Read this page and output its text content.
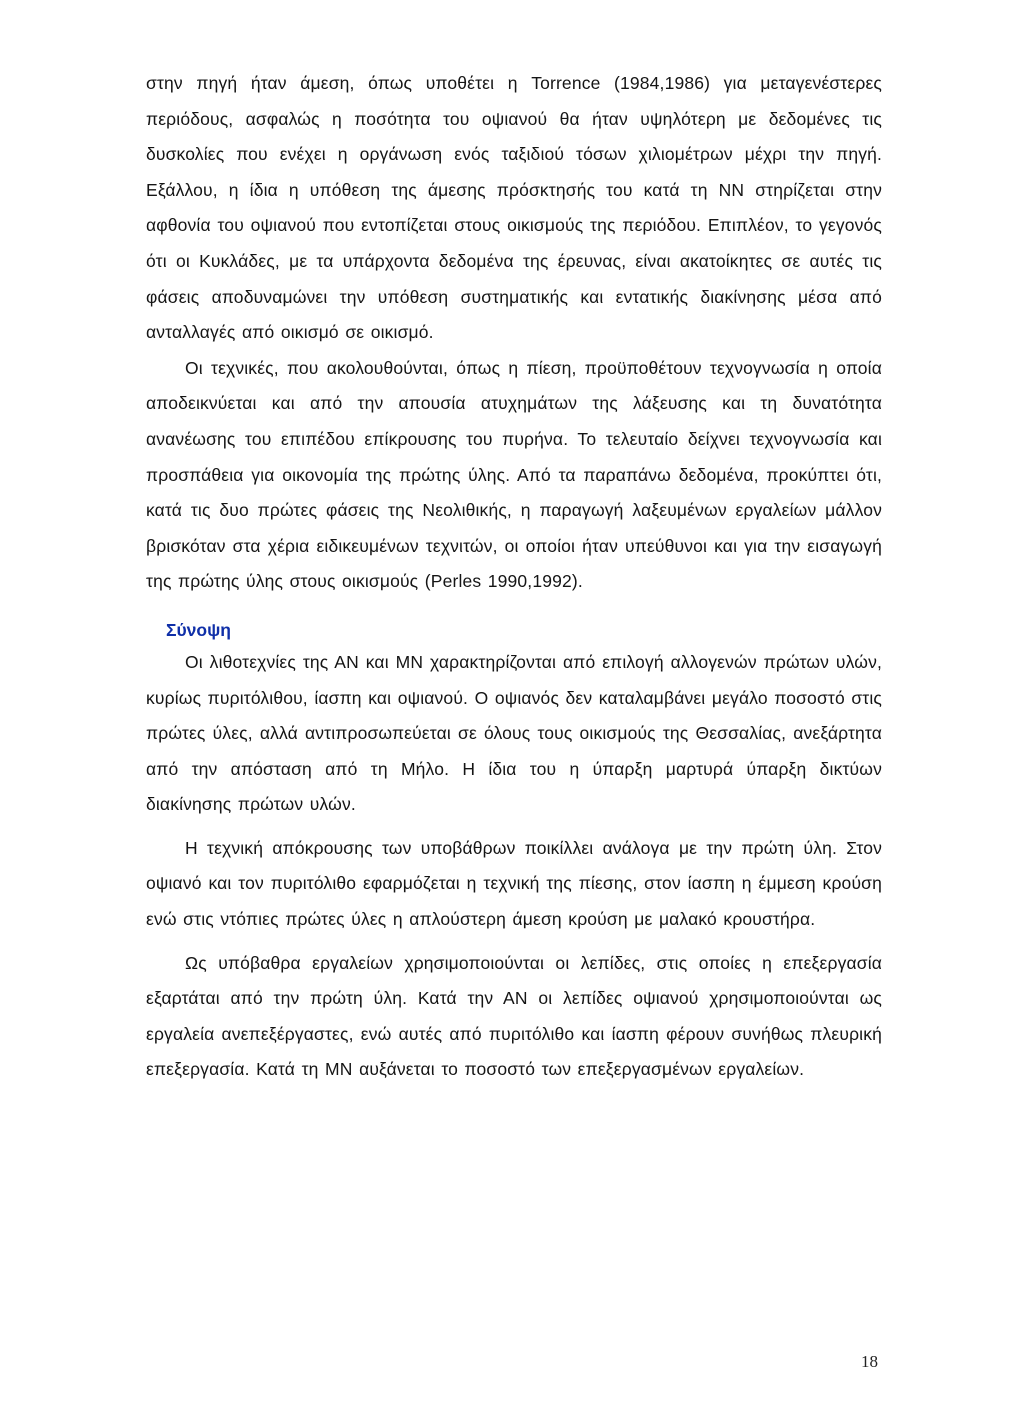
στην πηγή ήταν άμεση, όπως υποθέτει η Torrence (1984,1986) για μεταγενέστερες περιόδους, ασφαλώς η ποσότητα του οψιανού θα ήταν υψηλότερη με δεδομένες τις δυσκολίες που ενέχει η οργάνωση ενός ταξιδιού τόσων χιλιομέτρων μέχρι την πηγή. Εξάλλου, η ίδια η υπόθεση της άμεσης πρόσκτησής του κατά τη ΝΝ στηρίζεται στην αφθονία του οψιανού που εντοπίζεται στους οικισμούς της περιόδου. Επιπλέον, το γεγονός ότι οι Κυκλάδες, με τα υπάρχοντα δεδομένα της έρευνας, είναι ακατοίκητες σε αυτές τις φάσεις αποδυναμώνει την υπόθεση συστηματικής και εντατικής διακίνησης μέσα από ανταλλαγές από οικισμό σε οικισμό.

Οι τεχνικές, που ακολουθούνται, όπως η πίεση, προϋποθέτουν τεχνογνωσία η οποία αποδεικνύεται και από την απουσία ατυχημάτων της λάξευσης και τη δυνατότητα ανανέωσης του επιπέδου επίκρουσης του πυρήνα. Το τελευταίο δείχνει τεχνογνωσία και προσπάθεια για οικονομία της πρώτης ύλης. Από τα παραπάνω δεδομένα, προκύπτει ότι, κατά τις δυο πρώτες φάσεις της Νεολιθικής, η παραγωγή λαξευμένων εργαλείων μάλλον βρισκόταν στα χέρια ειδικευμένων τεχνιτών, οι οποίοι ήταν υπεύθυνοι και για την εισαγωγή της πρώτης ύλης στους οικισμούς (Perles 1990,1992).

Σύνοψη

Οι λιθοτεχνίες της ΑΝ και ΜΝ χαρακτηρίζονται από επιλογή αλλογενών πρώτων υλών, κυρίως πυριτόλιθου, ίασπη και οψιανού. Ο οψιανός δεν καταλαμβάνει μεγάλο ποσοστό στις πρώτες ύλες, αλλά αντιπροσωπεύεται σε όλους τους οικισμούς της Θεσσαλίας, ανεξάρτητα από την απόσταση από τη Μήλο. Η ίδια του η ύπαρξη μαρτυρά ύπαρξη δικτύων διακίνησης πρώτων υλών.

Η τεχνική απόκρουσης των υποβάθρων ποικίλλει ανάλογα με την πρώτη ύλη. Στον οψιανό και τον πυριτόλιθο εφαρμόζεται η τεχνική της πίεσης, στον ίασπη η έμμεση κρούση ενώ στις ντόπιες πρώτες ύλες η απλούστερη άμεση κρούση με μαλακό κρουστήρα.

Ως υπόβαθρα εργαλείων χρησιμοποιούνται οι λεπίδες, στις οποίες η επεξεργασία εξαρτάται από την πρώτη ύλη. Κατά την ΑΝ οι λεπίδες οψιανού χρησιμοποιούνται ως εργαλεία ανεπεξέργαστες, ενώ αυτές από πυριτόλιθο και ίασπη φέρουν συνήθως πλευρική επεξεργασία. Κατά τη ΜΝ αυξάνεται το ποσοστό των επεξεργασμένων εργαλείων.

18
